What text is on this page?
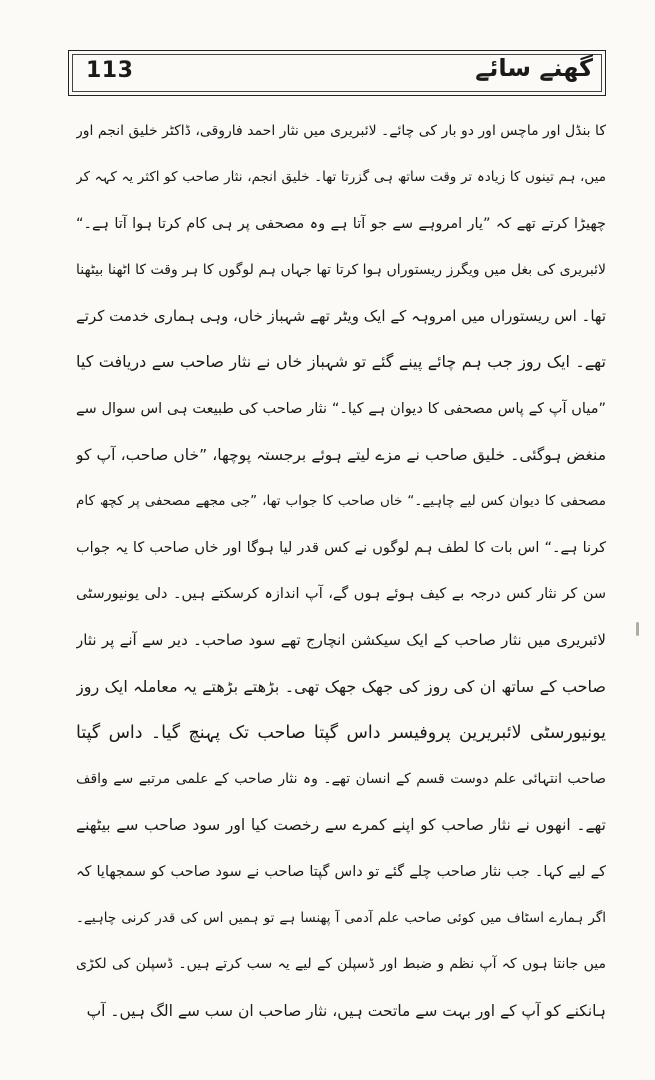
113	گھنے سائے
کا بنڈل اور ماچس اور دو بار کی چائے۔ لائبریری میں نثار احمد فاروقی، ڈاکٹر خلیق انجم اور
میں، ہم تینوں کا زیادہ تر وقت ساتھ ہی گزرتا تھا۔ خلیق انجم، نثار صاحب کو اکثر یہ کہہ کر
چھیڑا کرتے تھے کہ ”یار امروہے سے جو آتا ہے وہ مصحفی پر ہی کام کرتا ہوا آتا ہے۔“
لائبریری کی بغل میں ویگرز ریستوراں ہوا کرتا تھا جہاں ہم لوگوں کا ہر وقت کا اٹھنا بیٹھنا
تھا۔ اس ریستوراں میں امروہہ کے ایک ویٹر تھے شہباز خاں، وہی ہماری خدمت کرتے
تھے۔ ایک روز جب ہم چائے پینے گئے تو شہباز خاں نے نثار صاحب سے دریافت کیا
”میاں آپ کے پاس مصحفی کا دیوان ہے کیا۔“ نثار صاحب کی طبیعت ہی اس سوال سے
منغض ہوگئی۔ خلیق صاحب نے مزے لیتے ہوئے برجستہ پوچھا، ”خاں صاحب، آپ کو
مصحفی کا دیوان کس لیے چاہیے۔“ خاں صاحب کا جواب تھا، ”جی مجھے مصحفی پر کچھ کام
کرنا ہے۔“ اس بات کا لطف ہم لوگوں نے کس قدر لیا ہوگا اور خاں صاحب کا یہ جواب
سن کر نثار کس درجہ بے کیف ہوئے ہوں گے، آپ اندازہ کرسکتے ہیں۔ دلی یونیورسٹی
لائبریری میں نثار صاحب کے ایک سیکشن انچارج تھے سود صاحب۔ دیر سے آنے پر نثار
صاحب کے ساتھ ان کی روز کی جھک جھک تھی۔ بڑھتے بڑھتے یہ معاملہ ایک روز
یونیورسٹی لائبریرین پروفیسر داس گپتا صاحب تک پہنچ گیا۔ داس گپتا
صاحب انتہائی علم دوست قسم کے انسان تھے۔ وہ نثار صاحب کے علمی مرتبے سے واقف
تھے۔ انھوں نے نثار صاحب کو اپنے کمرے سے رخصت کیا اور سود صاحب سے بیٹھنے
کے لیے کہا۔ جب نثار صاحب چلے گئے تو داس گپتا صاحب نے سود صاحب کو سمجھایا کہ
اگر ہمارے اسٹاف میں کوئی صاحب علم آدمی آ پھنسا ہے تو ہمیں اس کی قدر کرنی چاہیے۔
میں جانتا ہوں کہ آپ نظم و ضبط اور ڈسپلن کے لیے یہ سب کرتے ہیں۔ ڈسپلن کی لکڑی
ہانکنے کو آپ کے اور بہت سے ماتحت ہیں، نثار صاحب ان سب سے الگ ہیں۔ آپ
